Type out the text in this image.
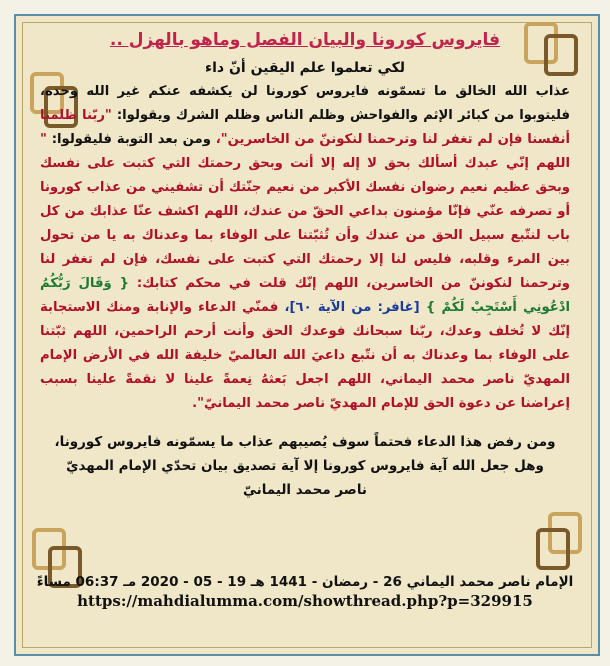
فايروس كورونا والبيان الفصل وماهو بالهزل ..
لكي تعلموا علم اليقين أنّ داء
عذاب الله الخالق ما تسمّونه فايروس كورونا لن يكشفه عنكم غير الله وحده، فليتوبوا من كبائر الإثم والفواحش وظلم الناس وظلم الشرك ويقولوا: "ربّنا ظلمنا أنفسنا فإن لم تغفر لنا وترحمنا لنكوننّ من الخاسرين"، ومن بعد التوبة فليقولوا: " اللهم إنّي عبدك أسألك بحق لا إله إلا أنت وبحق رحمتك التي كتبت على نفسك وبحق عظيم نعيم رضوان نفسك الأكبر من نعيم جنّتك أن تشفيني من عذاب كورونا أو تصرفه عنّي فإنّا مؤمنون بداعي الحقّ من عندك، اللهم اكشف عنّا عذابك من كل باب لنتّبع سبيل الحق من عندك وأن تُثبّتنا على الوفاء بما وعدناك به يا من تحول بين المرء وقلبه، فليس لنا إلا رحمتك التي كتبت على نفسك، فإن لم تغفر لنا وترحمنا لنكوننّ من الخاسرين، اللهم إنّك قلت في محكم كتابك: { وَقَالَ رَبُّكُمُ ادْعُونِي أَسْتَجِبْ لَكُمْ } [غافر: من الآية ٦٠]، فمنّي الدعاء والإنابة ومنك الاستجابة إنّك لا تُخلف وعدك، ربّنا سبحانك فوعدك الحق وأنت أرحم الراحمين، اللهم ثبّتنا على الوفاء بما وعدناك به أن نتّبع داعيَ الله العالميّ خليفة الله في الأرض الإمام المهديّ ناصر محمد اليماني، اللهم اجعل بَعثهُ نِعمةً علينا لا نقمةً علينا بسبب إعراضنا عن دعوة الحق للإمام المهديّ ناصر محمد اليمانيّ".
ومن رفض هذا الدعاء فحتماً سوف يُصيبهم عذاب ما يسمّونه فايروس كورونا، وهل جعل الله آية فايروس كورونا إلا آية تصديق بيان تحدّي الإمام المهديّ ناصر محمد اليمانيّ
الإمام ناصر محمد اليماني 26 - رمضان - 1441 هـ 19 - 05 - 2020 مـ 06:37 مساءً
https://mahdialumma.com/showthread.php?p=329915
